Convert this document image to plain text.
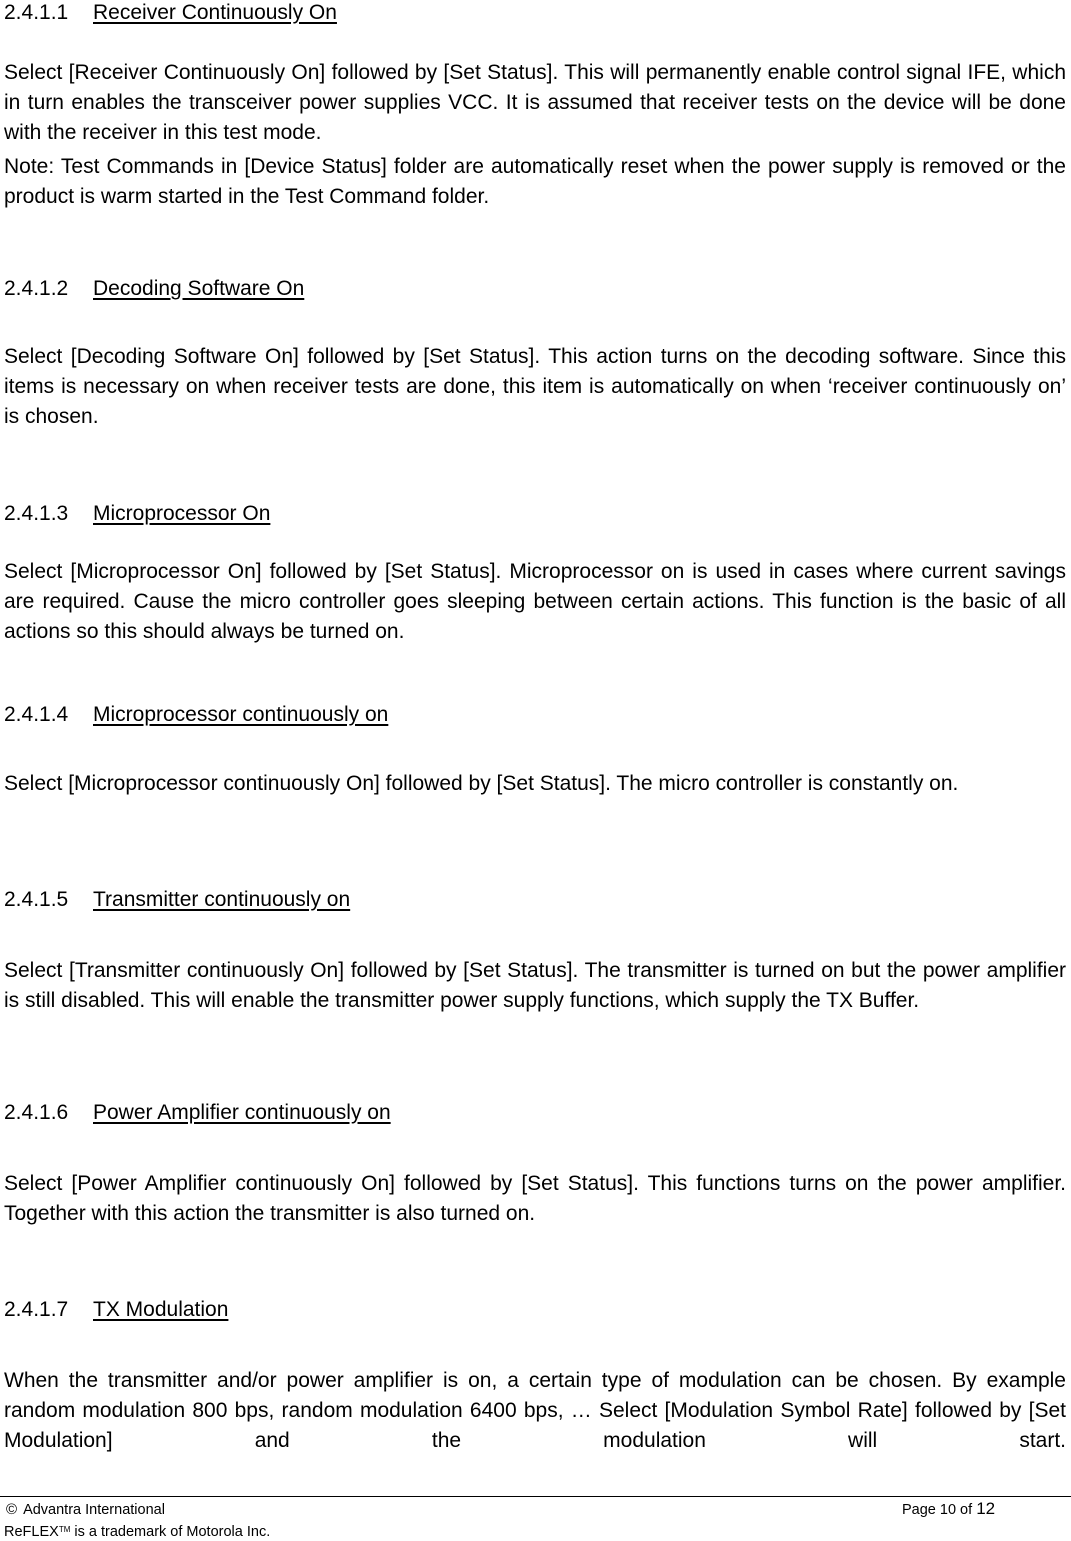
2.4.1.1 Receiver Continuously On

Select [Receiver Continuously On] followed by [Set Status]. This will permanently enable control signal IFE, which in turn enables the transceiver power supplies VCC. It is assumed that receiver tests on the device will be done with the receiver in this test mode.

Note: Test Commands in [Device Status] folder are automatically reset when the power supply is removed or the product is warm started in the Test Command folder.

2.4.1.2 Decoding Software On

Select [Decoding Software On] followed by [Set Status]. This action turns on the decoding software. Since this items is necessary on when receiver tests are done, this item is automatically on when ‘receiver continuously on’ is chosen.

2.4.1.3 Microprocessor On

Select [Microprocessor On] followed by [Set Status]. Microprocessor on is used in cases where current savings are required. Cause the micro controller goes sleeping between certain actions. This function is the basic of all actions so this should always be turned on.

2.4.1.4 Microprocessor continuously on

Select [Microprocessor continuously On] followed by [Set Status]. The micro controller is constantly on.

2.4.1.5 Transmitter continuously on

Select [Transmitter continuously On] followed by [Set Status]. The transmitter is turned on but the power amplifier is still disabled. This will enable the transmitter power supply functions, which supply the TX Buffer.

2.4.1.6 Power Amplifier continuously on

Select [Power Amplifier continuously On] followed by [Set Status]. This functions turns on the power amplifier. Together with this action the transmitter is also turned on.

2.4.1.7 TX Modulation

When the transmitter and/or power amplifier is on, a certain type of modulation can be chosen. By example random modulation 800 bps, random modulation 6400 bps, … Select [Modulation Symbol Rate] followed by [Set Modulation] and the modulation will start.

© Advantra International	Page 10 of 12
ReFLEX™ is a trademark of Motorola Inc.
